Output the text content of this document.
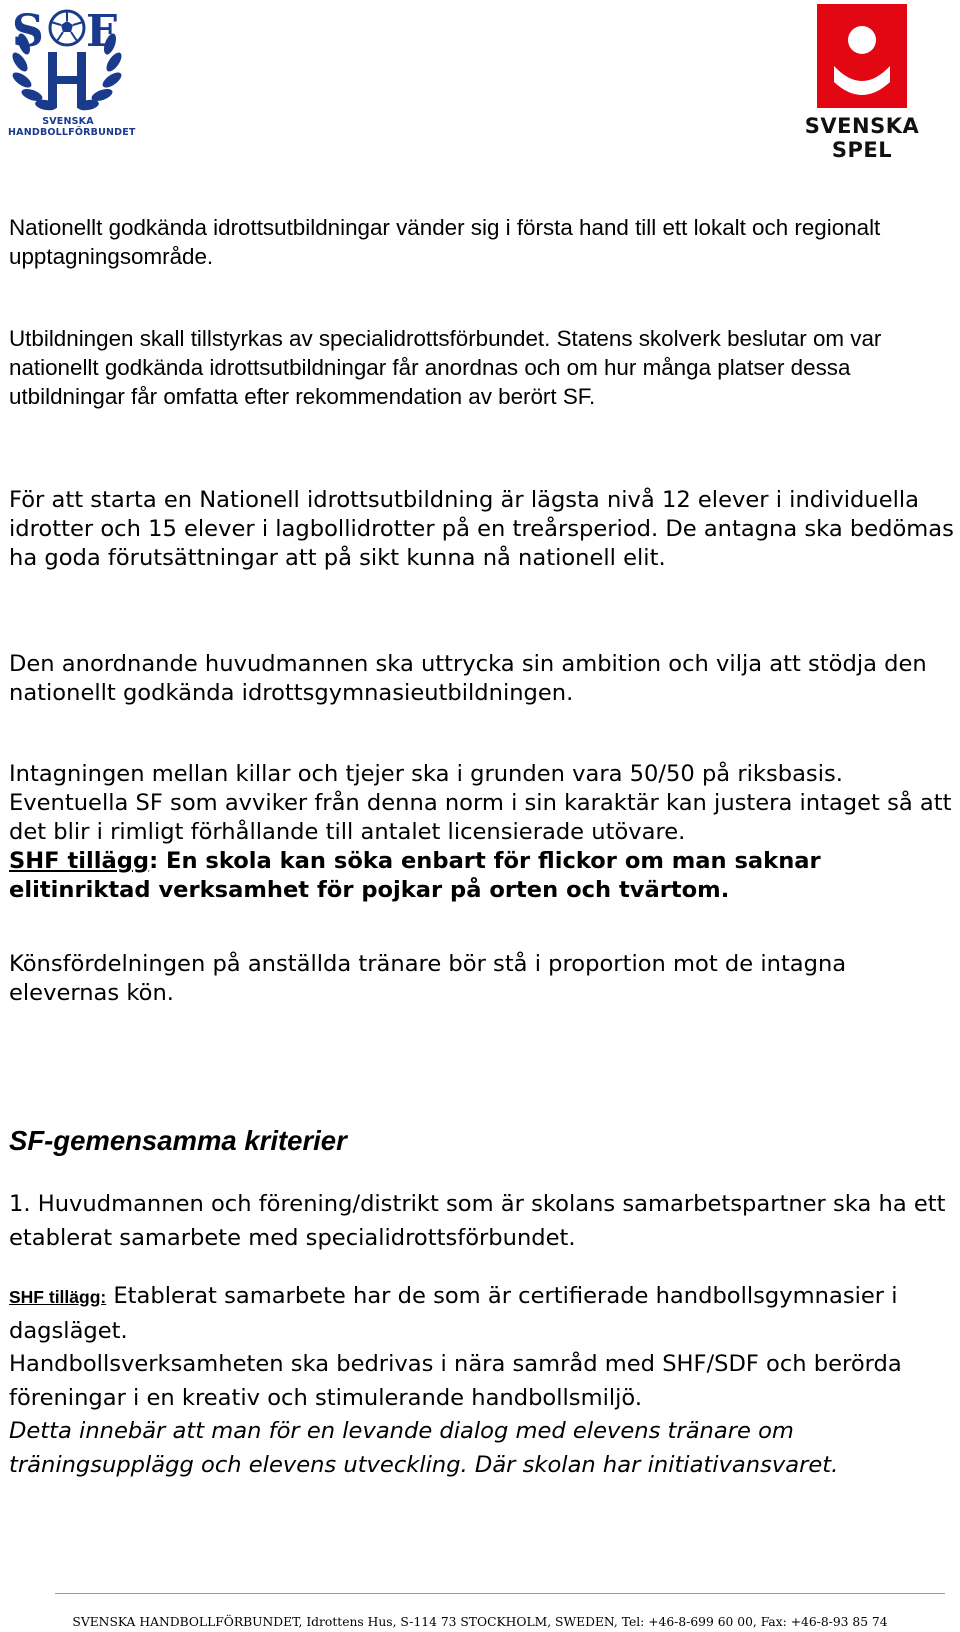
S F
SVENSKA
HANDBOLLFÖRBUNDET	SVENSKA SPEL
Nationellt godkända idrottsutbildningar vänder sig i första hand till ett lokalt och regionalt upptagningsområde.
Utbildningen skall tillstyrkas av specialidrottsförbundet. Statens skolverk beslutar om var nationellt godkända idrottsutbildningar får anordnas och om hur många platser dessa utbildningar får omfatta efter rekommendation av berört SF.
För att starta en Nationell idrottsutbildning är lägsta nivå 12 elever i individuella idrotter och 15 elever i lagbollidrotter på en treårsperiod. De antagna ska bedömas ha goda förutsättningar att på sikt kunna nå nationell elit.
Den anordnande huvudmannen ska uttrycka sin ambition och vilja att stödja den nationellt godkända idrottsgymnasieutbildningen.
Intagningen mellan killar och tjejer ska i grunden vara 50/50 på riksbasis. Eventuella SF som avviker från denna norm i sin karaktär kan justera intaget så att det blir i rimligt förhållande till antalet licensierade utövare.
SHF tillägg: En skola kan söka enbart för flickor om man saknar elitinriktad verksamhet för pojkar på orten och tvärtom.
Könsfördelningen på anställda tränare bör stå i proportion mot de intagna elevernas kön.
SF-gemensamma kriterier
1. Huvudmannen och förening/distrikt som är skolans samarbetspartner ska ha ett etablerat samarbete med specialidrottsförbundet.
SHF tillägg: Etablerat samarbete har de som är certifierade handbollsgymnasier i dagsläget.
Handbollsverksamheten ska bedrivas i nära samråd med SHF/SDF och berörda föreningar i en kreativ och stimulerande handbollsmiljö.
Detta innebär att man för en levande dialog med elevens tränare om träningsupplägg och elevens utveckling. Där skolan har initiativansvaret.
SVENSKA HANDBOLLFÖRBUNDET, Idrottens Hus, S-114 73 STOCKHOLM, SWEDEN, Tel: +46-8-699 60 00, Fax: +46-8-93 85 74
